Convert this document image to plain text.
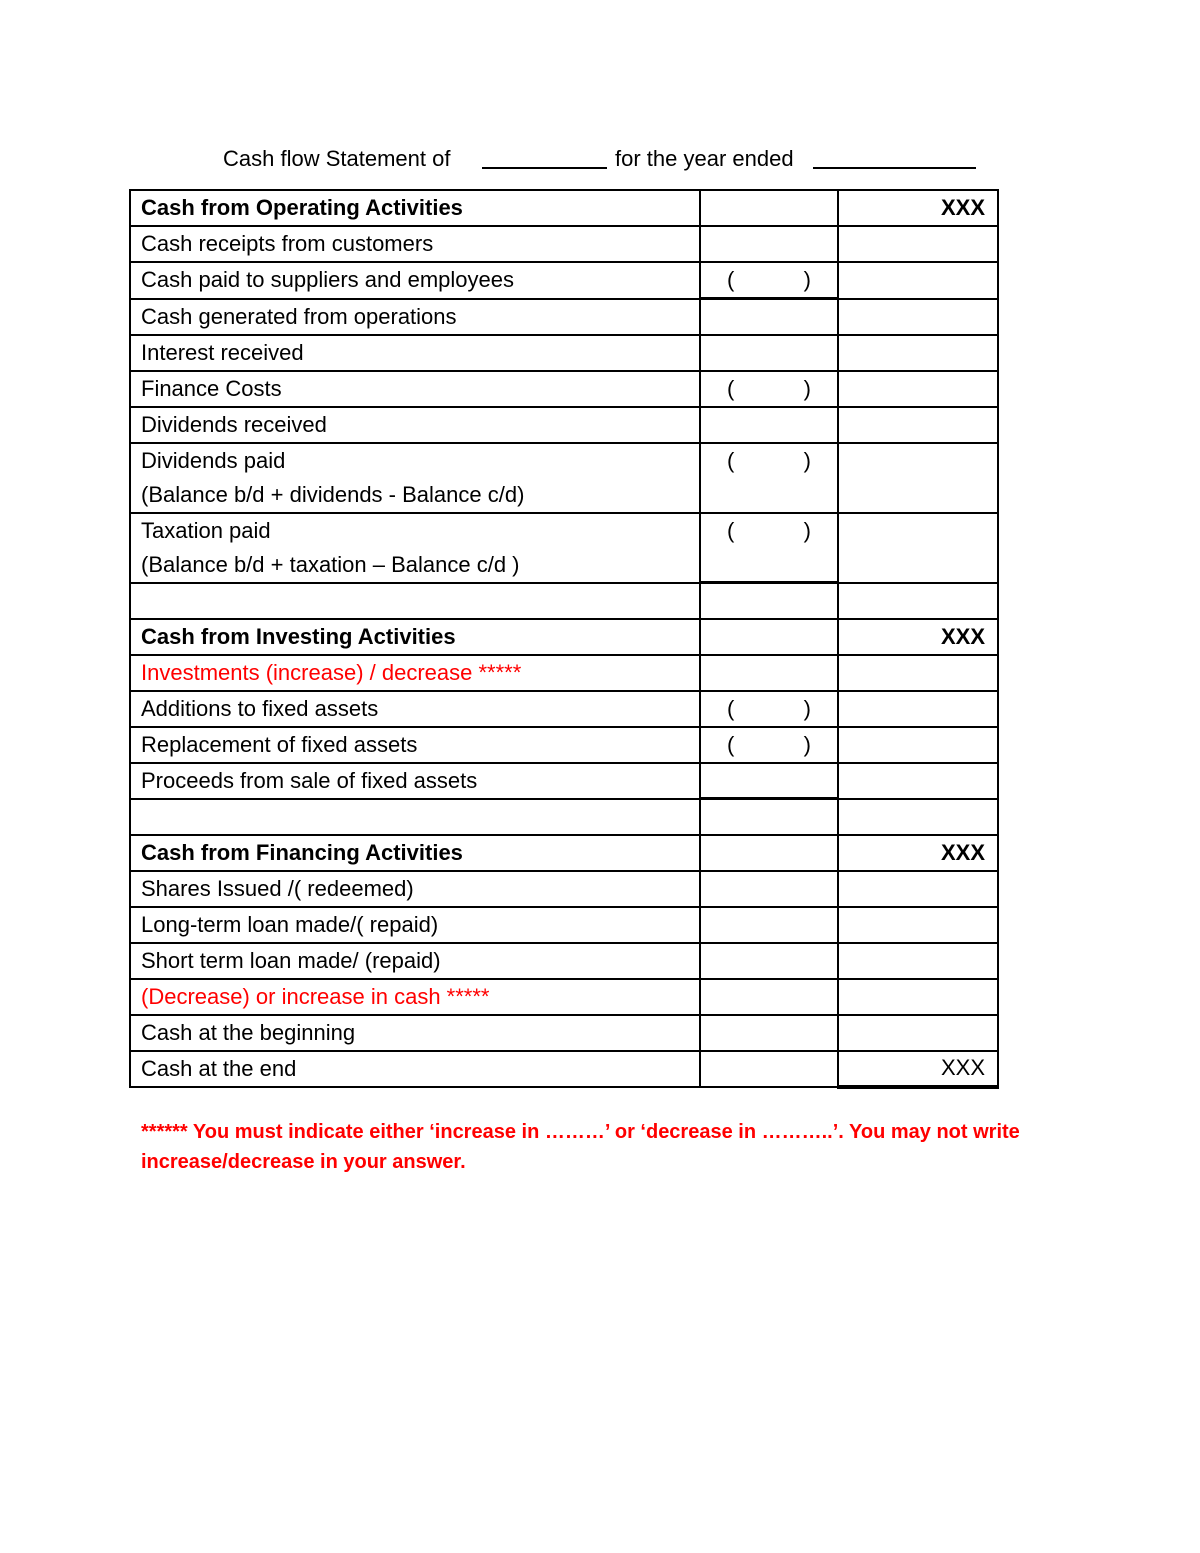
Cash flow Statement of	for the year ended
Cash from Operating Activities		XXX

Cash receipts from customers		

Cash paid to suppliers and employees	( )	

Cash generated from operations		

Interest received		

Finance Costs	( )	

Dividends received		

Dividends paid
(Balance b/d + dividends - Balance c/d)	( )	

Taxation paid
(Balance b/d + taxation – Balance c/d )	( )	

Cash from Investing Activities		XXX

Investments (increase) / decrease *****		

Additions to fixed assets	( )	

Replacement of fixed assets	( )	

Proceeds from sale of fixed assets		

Cash from Financing Activities		XXX

Shares Issued /( redeemed)		

Long-term loan made/( repaid)		

Short term loan made/ (repaid)		

(Decrease) or increase in cash *****		

Cash at the beginning		

Cash at the end		XXX
****** You must indicate either ‘increase in ………’ or ‘decrease in ………..’. You may not write increase/decrease in your answer.
